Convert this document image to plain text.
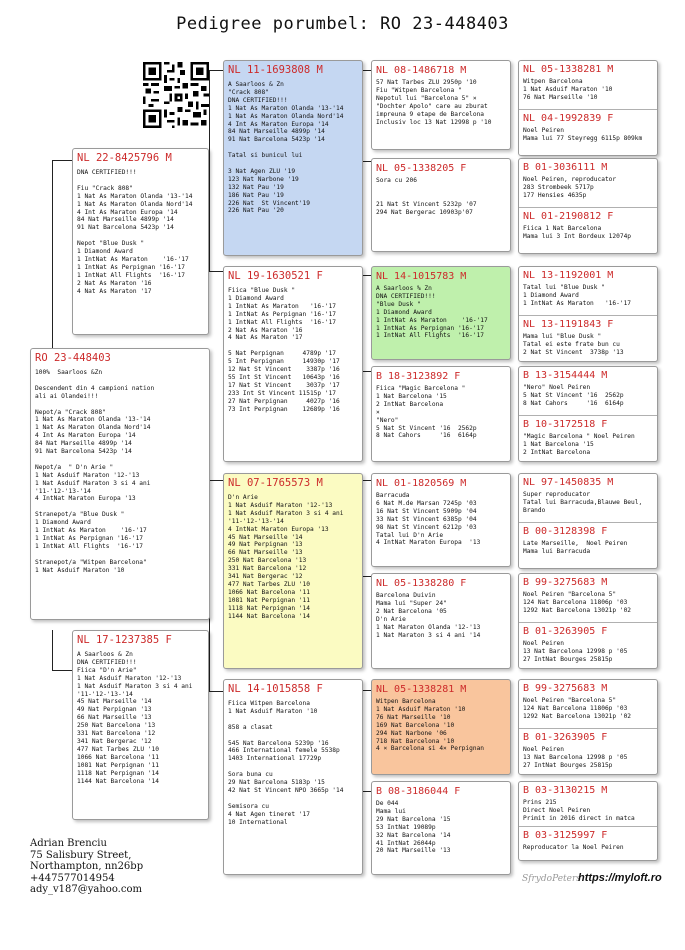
Pedigree porumbel: RO 23-448403
RO 23-448403
100%  Saarloos &Zn
Descendent din 4 campioni nation
ali ai Olandei!!!
Nepot/a "Crack 808"
1 Nat As Maraton Olanda '13-'14
1 Nat As Maraton Olanda Nord'14
4 Int As Maraton Europa '14
84 Nat Marseille 4899p '14
91 Nat Barcelona 5423p '14
Nepot/a  " D'n Arie "
1 Nat Asduif Maraton '12-'13
1 Nat Asduif Maraton 3 si 4 ani
'11-'12-'13-'14
4 IntNat Maraton Europa '13
Stranepot/a "Blue Dusk "
1 Diamond Award
1 IntNat As Maraton    '16-'17
1 IntNat As Perpignan '16-'17
1 IntNat All Flights  '16-'17
Stranepot/a "Witpen Barcelona"
1 Nat Asduif Maraton '10
NL 22-8425796 M
DNA CERTIFIED!!!
Fiu "Crack 808"
1 Nat As Maraton Olanda '13-'14
1 Nat As Maraton Olanda Nord'14
4 Int As Maraton Europa '14
84 Nat Marseille 4899p '14
91 Nat Barcelona 5423p '14
Nepot "Blue Dusk "
1 Diamond Award
1 IntNat As Maraton    '16-'17
1 IntNat As Perpignan '16-'17
1 IntNat All Flights  '16-'17
2 Nat As Maraton '16
4 Nat As Maraton '17
NL 17-1237385 F
A Saarloos & Zn
DNA CERTIFIED!!!
Fiica "D'n Arie"
1 Nat Asduif Maraton '12-'13
1 Nat Asduif Maraton 3 si 4 ani
'11-'12-'13-'14
45 Nat Marseille '14
49 Nat Perpignan '13
66 Nat Marseille '13
250 Nat Barcelona '13
331 Nat Barcelona '12
341 Nat Bergerac '12
477 Nat Tarbes ZLU '10
1066 Nat Barcelona '11
1081 Nat Perpignan '11
1118 Nat Perpignan '14
1144 Nat Barcelona '14
NL 11-1693808 M
A Saarloos & Zn
"Crack 808"
DNA CERTIFIED!!!
1 Nat As Maraton Olanda '13-'14
1 Nat As Maraton Olanda Nord'14
4 Int As Maraton Europa '14
84 Nat Marseille 4899p '14
91 Nat Barcelona 5423p '14
Tatal si bunicul lui
3 Nat Agen ZLU '19
123 Nat Narbone '19
132 Nat Pau '19
186 Nat Pau '19
226 Nat  St Vincent'19
226 Nat Pau '20
NL 19-1630521 F
Fiica "Blue Dusk "
1 Diamond Award
1 IntNat As Maraton   '16-'17
1 IntNat As Perpignan '16-'17
1 IntNat All Flights  '16-'17
2 Nat As Maraton '16
4 Nat As Maraton '17
5 Nat Perpignan     4789p '17
5 Int Perpignan     14930p '17
12 Nat St Vincent    3387p '16
55 Int St Vincent   10643p '16
17 Nat St Vincent    3037p '17
233 Int St Vincent 11515p '17
27 Nat Perpignan     4027p '16
73 Int Perpignan    12689p '16
NL 07-1765573 M
D'n Arie
1 Nat Asduif Maraton '12-'13
1 Nat Asduif Maraton 3 si 4 ani
'11-'12-'13-'14
4 IntNat Maraton Europa '13
45 Nat Marseille '14
49 Nat Perpignan '13
66 Nat Marseille '13
250 Nat Barcelona '13
331 Nat Barcelona '12
341 Nat Bergerac '12
477 Nat Tarbes ZLU '10
1066 Nat Barcelona '11
1081 Nat Perpignan '11
1118 Nat Perpignan '14
1144 Nat Barcelona '14
NL 14-1015858 F
Fiica Witpen Barcelona
1 Nat Asduif Maraton '10
858 a clasat
545 Nat Barcelona 5239p '16
466 International femele 5538p
1403 International 17729p
Sora buna cu
29 Nat Barcelona 5183p '15
42 Nat St Vincent NPO 3665p '14
Semisora cu
4 Nat Agen tineret '17
10 International
NL 08-1486718 M
57 Nat Tarbes ZLU 2950p '10
Fiu "Witpen Barcelona "
Nepotul lui "Barcelona 5" ×
"Dochter Apolo" care au zburat
impreuna 9 etape de Barcelona
Inclusiv loc 13 Nat 12998 p '10
NL 05-1338205 F
Sora cu 206
21 Nat St Vincent 5232p '07
294 Nat Bergerac 10903p'07
NL 14-1015783 M
A Saarloos % Zn
DNA CERTIFIED!!!
"Blue Dusk "
1 Diamond Award
1 IntNat As Maraton    '16-'17
1 IntNat As Perpignan '16-'17
1 IntNat All Flights  '16-'17
B 18-3123892 F
Fiica "Magic Barcelona "
1 Nat Barcelona '15
2 IntNat Barcelona
×
"Nero"
5 Nat St Vincent '16  2562p
8 Nat Cahors     '16  6164p
NL 01-1820569 M
Barracuda
6 Nat M.de Marsan 7245p '03
16 Nat St Vincent 5909p '04
33 Nat St Vincent 6385p '04
98 Nat St Vincent 6212p '03
Tatal lui D'n Arie
4 IntNat Maraton Europa  '13
NL 05-1338280 F
Barcelona Duivin
Mama lui "Super 24"
2 Nat Barcelona '05
D'n Arie
1 Nat Maraton Olanda '12-'13
1 Nat Maraton 3 si 4 ani '14
NL 05-1338281 M
Witpen Barcelona
1 Nat Asduif Maraton '10
76 Nat Marseille '10
169 Nat Barcelona '10
294 Nat Narbone '06
718 Nat Barcelona '10
4 × Barcelona si 4× Perpignan
B 08-3186044 F
De 044
Mama lui
29 Nat Barcelona '15
53 IntNat 19089p
32 Nat Barcelona '14
41 IntNat 26044p
20 Nat Marseille '13
NL 05-1338281 M
Witpen Barcelona
1 Nat Asduif Maraton '10
76 Nat Marseille '10
NL 04-1992839 F
Noel Peiren
Mama lui 77 Steyregg 6115p 809km
B 01-3036111 M
Noel Peiren, reproducator
283 Strombeek 5717p
177 Hensies 4635p
NL 01-2190812 F
Fiica 1 Nat Barcelona
Mama lui 3 Int Bordeux 12074p
NL 13-1192001 M
Tatal lui "Blue Dusk "
1 Diamond Award
1 IntNat As Maraton   '16-'17
NL 13-1191843 F
Mama lui "Blue Dusk "
Tatal ei este frate bun cu
2 Nat St Vincent  3738p '13
B 13-3154444 M
"Nero" Noel Peiren
5 Nat St Vincent '16  2562p
8 Nat Cahors     '16  6164p
B 10-3172518 F
"Magic Barcelona " Noel Peiren
1 Nat Barcelona '15
2 IntNat Barcelona
NL 97-1450835 M
Super reproducator
Tatal lui Barracuda,Blauwe Beul,
Brando
B 00-3128398 F
Late Marseille,  Noel Peiren
Mama lui Barracuda
B 99-3275683 M
Noel Peiren "Barcelona 5"
124 Nat Barcelona 11806p '03
1292 Nat Barcelona 13021p '02
B 01-3263905 F
Noel Peiren
13 Nat Barcelona 12998 p '05
27 IntNat Bourges 25815p
B 99-3275683 M
Noel Peiren "Barcelona 5"
124 Nat Barcelona 11806p '03
1292 Nat Barcelona 13021p '02
B 01-3263905 F
Noel Peiren
13 Nat Barcelona 12998 p '05
27 IntNat Bourges 25815p
B 03-3130215 M
Prins 215
Direct Noel Peiren
Primit in 2016 direct in matca
B 03-3125997 F
Reproducator la Noel Peiren
Adrian Brenciu
75 Salisbury Street,
Northampton, nn26bp
+447577014954
ady_v187@yahoo.com
SfrydoPeters
https://myloft.ro
